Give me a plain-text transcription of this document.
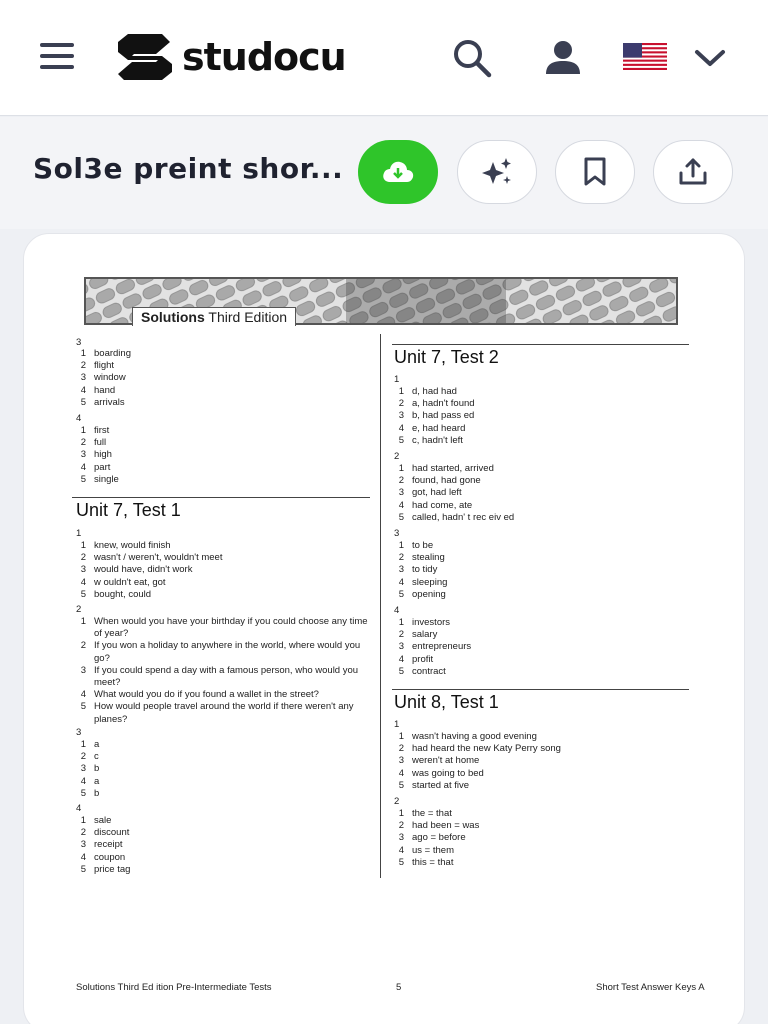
studocu
Sol3e preint shor...
Solutions Third Edition
3
1 boarding
2 flight
3 window
4 hand
5 arrivals
4
1 first
2 full
3 high
4 part
5 single
Unit 7, Test 1
1
1 knew, would finish
2 wasn't / weren't, wouldn't meet
3 would have, didn't work
4 w ouldn't eat, got
5 bought, could
2
1 When would you have your birthday if you could choose any time of year?
2 If you won a holiday to anywhere in the world, where would you go?
3 If you could spend a day with a famous person, who would you meet?
4 What would you do if you found a wallet in the street?
5 How would people travel around the world if there weren't any planes?
3
1 a
2 c
3 b
4 a
5 b
4
1 sale
2 discount
3 receipt
4 coupon
5 price tag
Unit 7, Test 2
1
1 d, had had
2 a, hadn't found
3 b, had pass ed
4 e, had heard
5 c, hadn't left
2
1 had started, arrived
2 found, had gone
3 got, had left
4 had come, ate
5 called, hadn' t rec eiv ed
3
1 to be
2 stealing
3 to tidy
4 sleeping
5 opening
4
1 investors
2 salary
3 entrepreneurs
4 profit
5 contract
Unit 8, Test 1
1
1 wasn't having a good evening
2 had heard the new Katy Perry song
3 weren't at home
4 was going to bed
5 started at five
2
1 the = that
2 had been = was
3 ago = before
4 us = them
5 this = that
Solutions Third Ed ition Pre-Intermediate Tests	5	Short Test Answer Keys A
